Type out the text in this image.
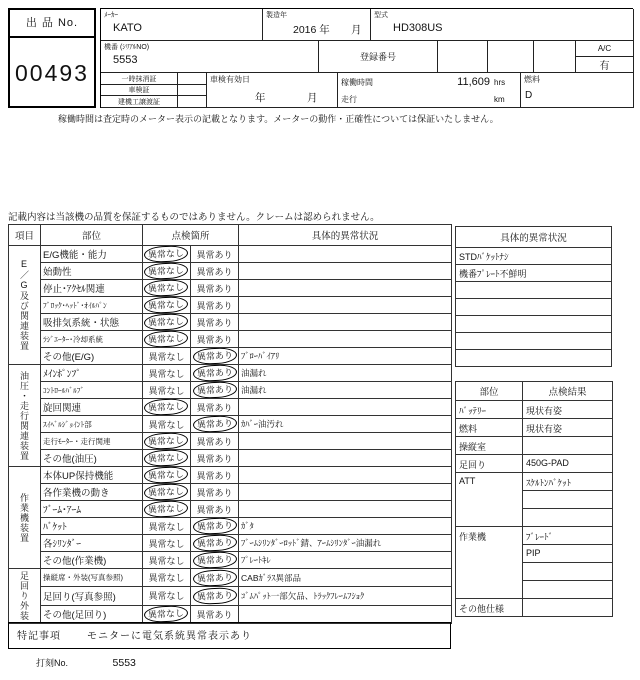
出 品 No.
00493
ﾒｰｶｰ
KATO
製造年
2016 年 月
型式
HD308US
機番 (ｼﾘｱﾙNO)
5553	登録番号
A/C
有
一時抹消証
車検証
建機工譲渡証
車検有効日
年	月
稼働時間	11,609 hrs
走行	km
燃料
D
稼働時間は査定時のメーター表示の記載となります。メーターの動作・正確性については保証いたしません。
記載内容は当該機の品質を保証するものではありません。クレームは認められません。
項目	部位	点検箇所		具体的異常状況
E／G及び関連装置	E/G機能・能力	異常なし	異常あり	
	始動性	異常なし	異常あり	
	停止･ｱｸｾﾙ関連	異常なし	異常あり	
	ﾌﾞﾛｯｸ･ﾍｯﾄﾞ･ｵｲﾙﾊﾟﾝ	異常なし	異常あり	
	吸排気系統・状態	異常なし	異常あり	
	ﾗｼﾞｴｰﾀｰ･冷却系統	異常なし	異常あり	
	その他(E/G)	異常なし	異常あり	ﾌﾞﾛｰﾊﾞｲｱﾘ
油圧・走行関連装置	ﾒｲﾝﾎﾟﾝﾌﾟ	異常なし	異常あり	油漏れ
	ｺﾝﾄﾛｰﾙﾊﾞﾙﾌﾞ	異常なし	異常あり	油漏れ
	旋回関連	異常なし	異常あり	
	ｽｲﾍﾞﾙｼﾞｮｲﾝﾄ部	異常なし	異常あり	ｶﾊﾞｰ油汚れ
	走行ﾓｰﾀｰ・走行関連	異常なし	異常あり	
	その他(油圧)	異常なし	異常あり	
作業機装置	本体UP保持機能	異常なし	異常あり	
	各作業機の動き	異常なし	異常あり	
	ﾌﾞｰﾑ･ｱｰﾑ	異常なし	異常あり	
	ﾊﾞｹｯﾄ	異常なし	異常あり	ｶﾞﾀ
	各ｼﾘﾝﾀﾞｰ	異常なし	異常あり	ﾌﾞｰﾑｼﾘﾝﾀﾞｰﾛｯﾄﾞ錆、ｱｰﾑｼﾘﾝﾀﾞｰ油漏れ
	その他(作業機)	異常なし	異常あり	ﾌﾟﾚｰﾄｷﾚ
足回り外装	操縦席・外装(写真参照)	異常なし	異常あり	CABｶﾞﾗｽ異部品
	足回り(写真参照)	異常なし	異常あり	ｺﾞﾑﾊﾟｯﾄ一部欠品、ﾄﾗｯｸﾌﾚｰﾑﾌｼｮｸ
	その他(足回り)	異常なし	異常あり	
具体的異常状況
STDﾊﾞｹｯﾄﾅｼ
機番ﾌﾟﾚｰﾄ不鮮明

部位	点検結果
ﾊﾞｯﾃﾘｰ	現状有姿
燃料	現状有姿
操縦室	
足回り	450G-PAD
ATT	ｽｹﾙﾄﾝﾊﾞｹｯﾄ

作業機	ﾌﾞﾚｰﾄﾞ
	PIP

その他仕様	
特記事項	モニターに電気系統異常表示あり
打刻No.	5553
